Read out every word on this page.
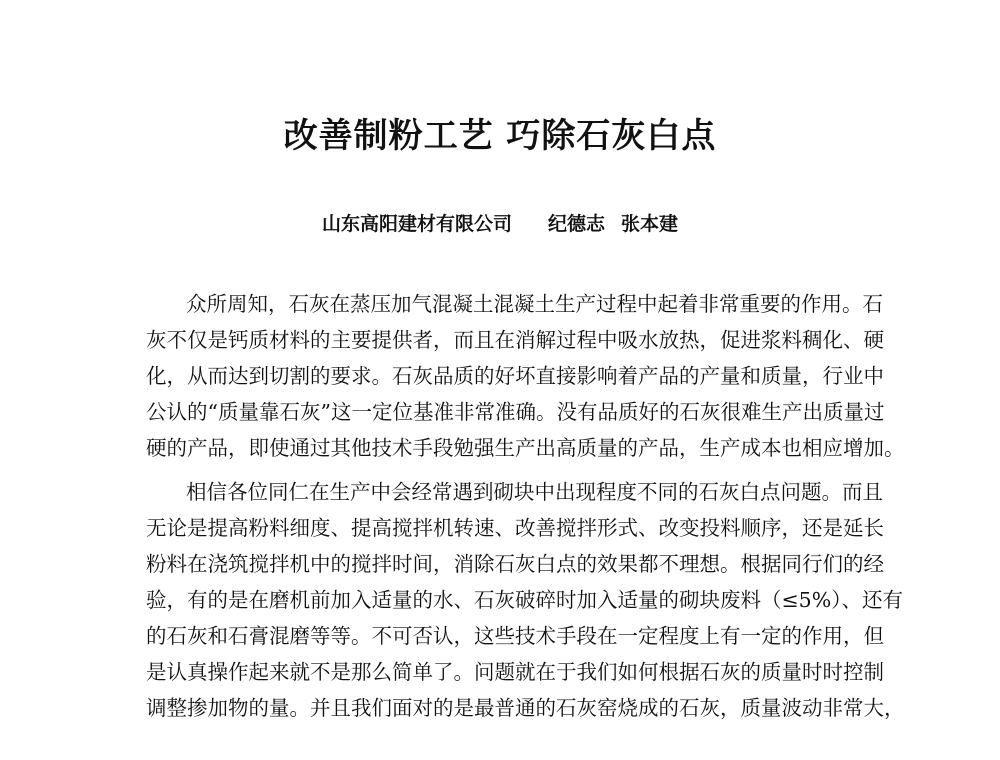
改善制粉工艺 巧除石灰白点
山东高阳建材有限公司 纪德志 张本建
众所周知，石灰在蒸压加气混凝土混凝土生产过程中起着非常重要的作用。石
灰不仅是钙质材料的主要提供者，而且在消解过程中吸水放热，促进浆料稠化、硬
化，从而达到切割的要求。石灰品质的好坏直接影响着产品的产量和质量，行业中
公认的“质量靠石灰”这一定位基准非常准确。没有品质好的石灰很难生产出质量过
硬的产品，即使通过其他技术手段勉强生产出高质量的产品，生产成本也相应增加。
相信各位同仁在生产中会经常遇到砌块中出现程度不同的石灰白点问题。而且
无论是提高粉料细度、提高搅拌机转速、改善搅拌形式、改变投料顺序，还是延长
粉料在浇筑搅拌机中的搅拌时间，消除石灰白点的效果都不理想。根据同行们的经
验，有的是在磨机前加入适量的水、石灰破碎时加入适量的砌块废料（≤5%）、还有
的石灰和石膏混磨等等。不可否认，这些技术手段在一定程度上有一定的作用，但
是认真操作起来就不是那么简单了。问题就在于我们如何根据石灰的质量时时控制
调整掺加物的量。并且我们面对的是最普通的石灰窑烧成的石灰，质量波动非常大，
